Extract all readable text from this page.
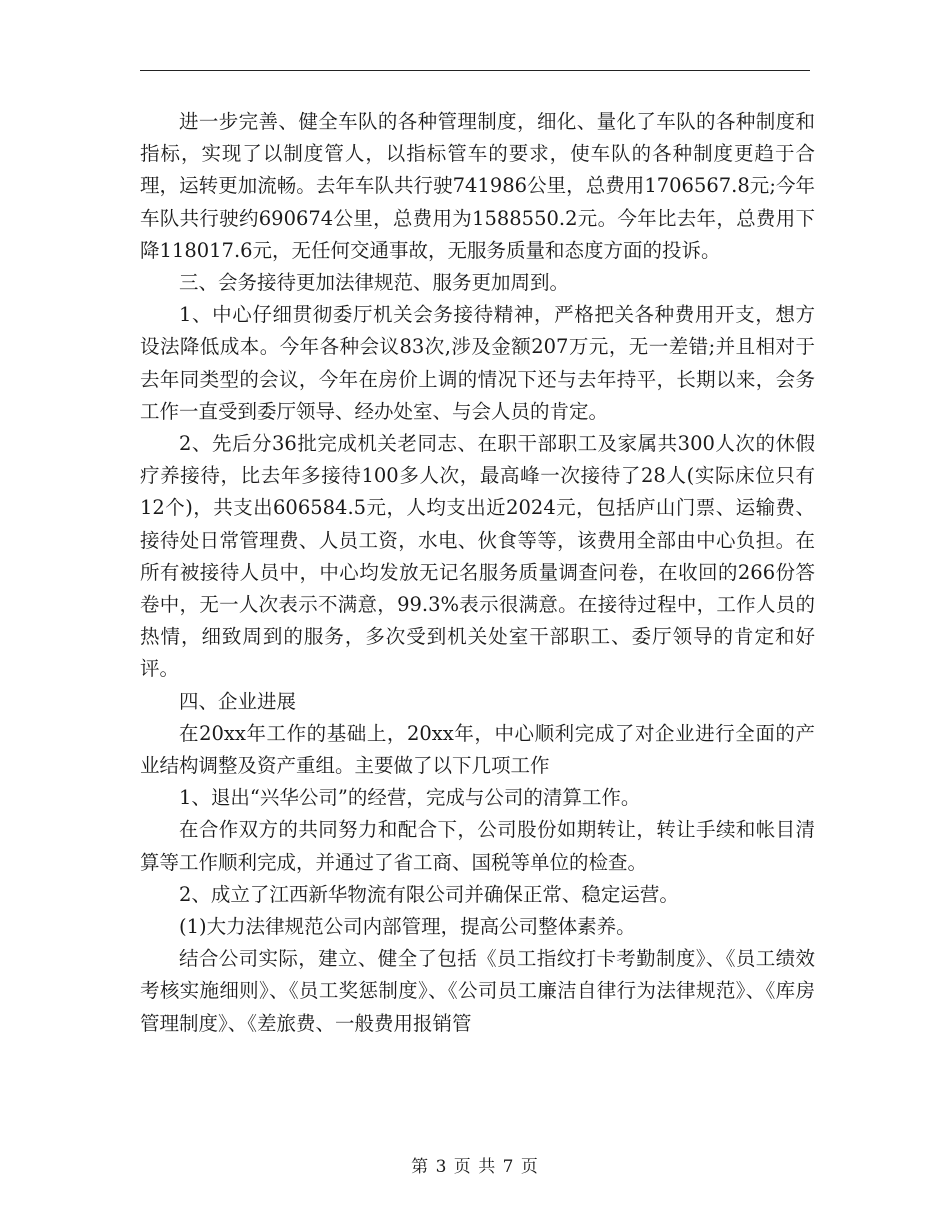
进一步完善、健全车队的各种管理制度，细化、量化了车队的各种制度和指标，实现了以制度管人，以指标管车的要求，使车队的各种制度更趋于合理，运转更加流畅。去年车队共行驶741986公里，总费用1706567.8元;今年车队共行驶约690674公里，总费用为1588550.2元。今年比去年，总费用下降118017.6元，无任何交通事故，无服务质量和态度方面的投诉。

三、会务接待更加法律规范、服务更加周到。

1、中心仔细贯彻委厅机关会务接待精神，严格把关各种费用开支，想方设法降低成本。今年各种会议83次,涉及金额207万元，无一差错;并且相对于去年同类型的会议，今年在房价上调的情况下还与去年持平，长期以来，会务工作一直受到委厅领导、经办处室、与会人员的肯定。

2、先后分36批完成机关老同志、在职干部职工及家属共300人次的休假疗养接待，比去年多接待100多人次，最高峰一次接待了28人(实际床位只有12个)，共支出606584.5元，人均支出近2024元，包括庐山门票、运输费、接待处日常管理费、人员工资，水电、伙食等等，该费用全部由中心负担。在所有被接待人员中，中心均发放无记名服务质量调查问卷，在收回的266份答卷中，无一人次表示不满意，99.3%表示很满意。在接待过程中，工作人员的热情，细致周到的服务，多次受到机关处室干部职工、委厅领导的肯定和好评。

四、企业进展

在20xx年工作的基础上，20xx年，中心顺利完成了对企业进行全面的产业结构调整及资产重组。主要做了以下几项工作

1、退出“兴华公司”的经营，完成与公司的清算工作。

在合作双方的共同努力和配合下，公司股份如期转让，转让手续和帐目清算等工作顺利完成，并通过了省工商、国税等单位的检查。

2、成立了江西新华物流有限公司并确保正常、稳定运营。

(1)大力法律规范公司内部管理，提高公司整体素养。

结合公司实际，建立、健全了包括《员工指纹打卡考勤制度》、《员工绩效考核实施细则》、《员工奖惩制度》、《公司员工廉洁自律行为法律规范》、《库房管理制度》、《差旅费、一般费用报销管

第 3 页 共 7 页
